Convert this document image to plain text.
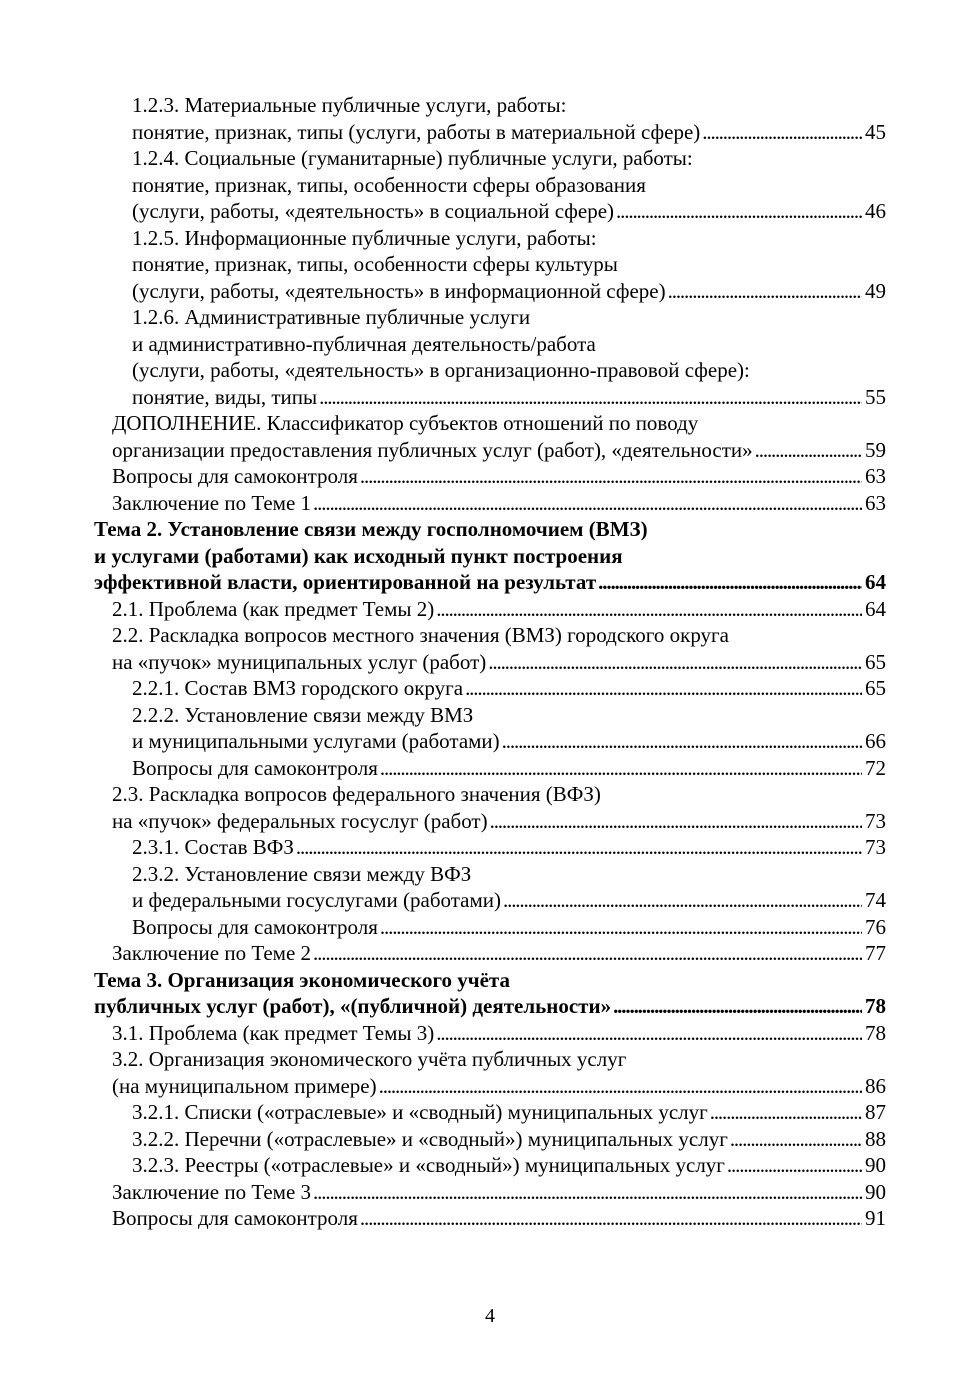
1.2.3. Материальные публичные услуги, работы:
понятие, признак, типы (услуги, работы в материальной сфере) . . .	45
1.2.4. Социальные (гуманитарные) публичные услуги, работы:
понятие, признак, типы, особенности сферы образования
(услуги, работы, «деятельность» в социальной сфере) . . .	46
1.2.5. Информационные публичные услуги, работы:
понятие, признак, типы, особенности сферы культуры
(услуги, работы, «деятельность» в информационной сфере) . . .	49
1.2.6. Административные публичные услуги
и административно-публичная деятельность/работа
(услуги, работы, «деятельность» в организационно-правовой сфере):
понятие, виды, типы . . .	55
ДОПОЛНЕНИЕ. Классификатор субъектов отношений по поводу
организации предоставления публичных услуг (работ), «деятельности» . . .	59
Вопросы для самоконтроля . . .	63
Заключение по Теме 1 . . .	63
Тема 2. Установление связи между госполномочием (ВМЗ)
и услугами (работами) как исходный пункт построения
эффективной власти, ориентированной на результат . . .	64
2.1. Проблема (как предмет Темы 2) . . .	64
2.2. Раскладка вопросов местного значения (ВМЗ) городского округа
на «пучок» муниципальных услуг (работ) . . .	65
2.2.1. Состав ВМЗ городского округа . . .	65
2.2.2. Установление связи между ВМЗ
и муниципальными услугами (работами) . . .	66
Вопросы для самоконтроля . . .	72
2.3. Раскладка вопросов федерального значения (ВФЗ)
на «пучок» федеральных госуслуг (работ) . . .	73
2.3.1. Состав ВФЗ . . .	73
2.3.2. Установление связи между ВФЗ
и федеральными госуслугами (работами) . . .	74
Вопросы для самоконтроля . . .	76
Заключение по Теме 2 . . .	77
Тема 3. Организация экономического учёта
публичных услуг (работ), «(публичной) деятельности» . . .	78
3.1. Проблема (как предмет Темы 3) . . .	78
3.2. Организация экономического учёта публичных услуг
(на муниципальном примере) . . .	86
3.2.1. Списки («отраслевые» и «сводный) муниципальных услуг . . .	87
3.2.2. Перечни («отраслевые» и «сводный») муниципальных услуг . . .	88
3.2.3. Реестры («отраслевые» и «сводный») муниципальных услуг . . .	90
Заключение по Теме 3 . . .	90
Вопросы для самоконтроля . . .	91
4
